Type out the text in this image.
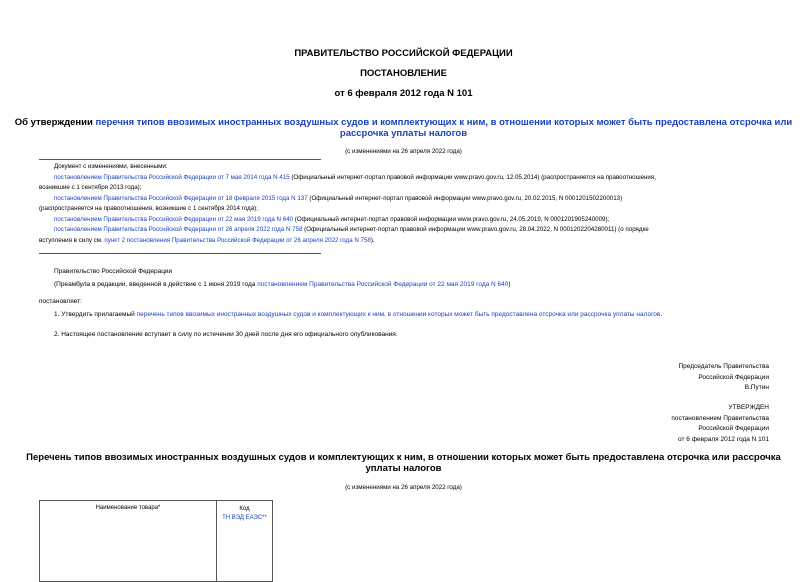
ПРАВИТЕЛЬСТВО РОССИЙСКОЙ ФЕДЕРАЦИИ
ПОСТАНОВЛЕНИЕ
от 6 февраля 2012 года N 101
Об утверждении перечня типов ввозимых иностранных воздушных судов и комплектующих к ним, в отношении которых может быть предоставлена отсрочка или
рассрочка уплаты налогов
(с изменениями на 26 апреля 2022 года)
Документ с изменениями, внесенными:
постановлением Правительства Российской Федерации от 7 мая 2014 года N 415 (Официальный интернет-портал правовой информации www.pravo.gov.ru, 12.05.2014) (распространяется на правоотношения,
возникшие с 1 сентября 2013 года);
постановлением Правительства Российской Федерации от 18 февраля 2015 года N 137 (Официальный интернет-портал правовой информации www.pravo.gov.ru, 20.02.2015, N 0001201502200013)
(распространяется на правоотношения, возникшие с 1 сентября 2014 года);
постановлением Правительства Российской Федерации от 22 мая 2019 года N 640 (Официальный интернет-портал правовой информации www.pravo.gov.ru, 24.05.2019, N 0001201905240009);
постановлением Правительства Российской Федерации от 26 апреля 2022 года N 758 (Официальный интернет-портал правовой информации www.pravo.gov.ru, 28.04.2022, N 0001202204280011) (о порядке
вступления в силу см. пункт 2 постановления Правительства Российской Федерации от 26 апреля 2022 года N 758).
Правительство Российской Федерации
(Преамбула в редакции, введенной в действие с 1 июня 2019 года постановлением Правительства Российской Федерации от 22 мая 2019 года N 640)
постановляет:
1. Утвердить прилагаемый перечень типов ввозимых иностранных воздушных судов и комплектующих к ним, в отношении которых может быть предоставлена отсрочка или рассрочка уплаты налогов.
2. Настоящее постановление вступает в силу по истечении 30 дней после дня его официального опубликования.
Председатель Правительства
Российской Федерации
В.Путин
УТВЕРЖДЕН
постановлением Правительства
Российской Федерации
от 6 февраля 2012 года N 101
Перечень типов ввозимых иностранных воздушных судов и комплектующих к ним, в отношении которых может быть предоставлена отсрочка или рассрочка
уплаты налогов
(с изменениями на 26 апреля 2022 года)
Наименование товара*	Код
ТН ВЭД ЕАЭС**
